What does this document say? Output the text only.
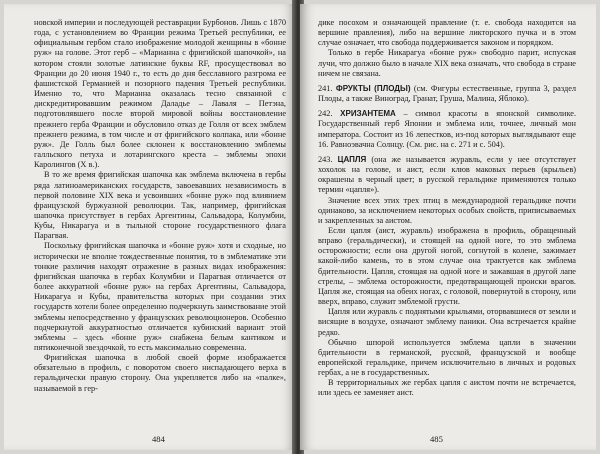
новской империи и последующей реставрации Бурбонов. Лишь с 1870 года, с установлением во Франции режима Третьей республики, ее официальным гербом стало изображение молодой женщины в «бонне руж» на голове. Этот герб – «Марианна с фригийской шапочкой», на котором стояли золотые латинские буквы RF, просуществовал во Франции до 20 июня 1940 г., то есть до дня бесславного разгрома ее фашистской Германией и позорного падения Третьей республики. Именно то, что Марианна оказалась тесно связанной с дискредитировавшим режимом Даладье – Лаваля – Петэна, подготовлявшего после второй мировой войны восстановление прежнего герба Франции и обусловило отказ де Голля от всех эмблем прежнего режима, в том числе и от фригийского колпака, или «бонне руж». Де Голль был более склонен к восстановлению эмблемы галльского петуха и лотарингского креста – эмблемы эпохи Каролингов (X в.).

В то же время фригийская шапочка как эмблема включена в гербы ряда латиноамериканских государств, завоевавших независимость в первой половине XIX века и усвоивших «бонне руж» под влиянием французской буржуазной революции. Так, например, фригийская шапочка присутствует в гербах Аргентины, Сальвадора, Колумбии, Кубы, Никарагуа и в тыльной стороне государственного флага Парагвая.

Поскольку фригийская шапочка и «бонне руж» хотя и сходные, но исторически не вполне тождественные понятия, то в эмблематике эти тонкие различия находят отражение в разных видах изображения: фригийская шапочка в гербах Колумбии и Парагвая отличается от более аккуратной «бонне руж» на гербах Аргентины, Сальвадора, Никарагуа и Кубы, правительства которых при создании этих государств хотели более определенно подчеркнуть заимствование этой эмблемы непосредственно у французских революционеров. Особенно подчеркнутой аккуратностью отличается кубинский вариант этой эмблемы – здесь «бонне руж» снабжена белым кантиком и пятиконечной звездочкой, то есть максимально современна.

Фригийская шапочка в любой своей форме изображается обязательно в профиль, с поворотом своего ниспадающего верха в геральдически правую сторону. Она укрепляется либо на «палке», называемой в гер-

484

дике посохом и означающей правление (т. е. свобода находится на вершине правления), либо на вершине ликторского пучка и в этом случае означает, что свобода поддерживается законом и порядком.

Только в гербе Никарагуа «бонне руж» свободно парит, испуская лучи, что должно было в начале XIX века означать, что свобода в стране ничем не связана.

241. ФРУКТЫ (ПЛОДЫ) (см. Фигуры естественные, группа 3, раздел Плоды, а также Виноград, Гранат, Груша, Малина, Яблоко).

242. ХРИЗАНТЕМА – символ красоты в японской символике. Государственный герб Японии и эмблема или, точнее, личный мон императора. Состоит из 16 лепестков, из-под которых выглядывают еще 16. Равноэвачна Солнцу. (См. рис. на с. 271 и с. 504).

243. ЦАПЛЯ (она же называется журавль, если у нее отсутствует хохолок на голове, и аист, если клюв маковых перьев (крыльев) окрашены в черный цвет; в русской геральдике применяются только термин «цапля»).

Значение всех этих трех птиц в международной геральдике почти одинаково, за исключением некоторых особых свойств, приписываемых и закрепленных за аистом.

Если цапля (аист, журавль) изображена в профиль, обращенный вправо (геральдически), и стоящей на одной ноге, то это эмблема осторожности; если она другой ногой, согнутой в колене, зажимает какой-либо камень, то в этом случае она трактуется как эмблема бдительности. Цапля, стоящая на одной ноге и зажавшая в другой лапе стрелы, – эмблема осторожности, предотвращающей происки врагов. Цапля же, стоящая на обеих ногах, с головой, повернутой в сторону, или вверх, вправо, служит эмблемой грусти.

Цапля или журавль с поднятыми крыльями, оторвавшиеся от земли и висящие в воздухе, означают эмблему паники. Она встречается крайне редко.

Обычно шпорой используется эмблема цапли в значении бдительности в германской, русской, французской и вообще европейской геральдике, причем исключительно в личных и родовых гербах, а не в государственных.

В территориальных же гербах цапля с аистом почти не встречается, или здесь ее заменяет аист.

485
